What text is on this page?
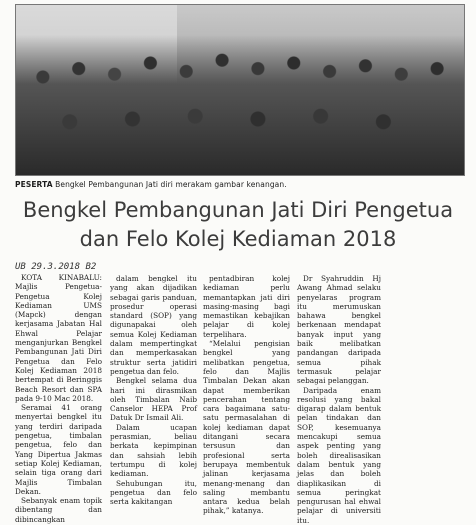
PESERTA Bengkel Pembangunan Jati diri merakam gambar kenangan.
Bengkel Pembangunan Jati Diri Pengetua
dan Felo Kolej Kediaman 2018
UB 29.3.2018 B2

KOTA KINABALU: Majlis Pengetua-Pengetua Kolej Kediaman UMS (Mapck) dengan kerjasama Jabatan Hal Ehwal Pelajar menganjurkan Bengkel Pembangunan Jati Diri Pengetua dan Felo Kolej Kediaman 2018 bertempat di Beringgis Beach Resort dan SPA pada 9-10 Mac 2018.

Seramai 41 orang menyertai bengkel itu yang terdiri daripada pengetua, timbalan pengetua, felo dan Yang Dipertua Jakmas setiap Kolej Kediaman, selain tiga orang dari Majlis Timbalan Dekan.

Sebanyak enam topik dibentang dan dibincangkan

dalam bengkel itu yang akan dijadikan sebagai garis panduan, prosedur operasi standard (SOP) yang digunapakai oleh semua Kolej Kediaman dalam mempertingkat dan memperkasakan struktur serta jatidiri pengetua dan felo.

Bengkel selama dua hari ini dirasmikan oleh Timbalan Naib Canselor HEPA Prof Datuk Dr Ismail Ali.

Dalam ucapan perasmian, beliau berkata kepimpinan dan sahsiah lebih tertumpu di kolej kediaman.

Sehubungan itu, pengetua dan felo serta kakitangan

pentadbiran kolej kediaman perlu memantapkan jati diri masing-masing bagi memastikan kebajikan pelajar di kolej terpelihara.

“Melalui pengisian bengkel yang melibatkan pengetua, felo dan Majlis Timbalan Dekan akan dapat memberikan pencerahan tentang cara bagaimana satu-satu permasalahan di kolej kediaman dapat ditangani secara tersusun dan profesional serta berupaya membentuk jalinan kerjasama menang-menang dan saling membantu antara kedua belah pihak,” katanya.

Dr Syahruddin Hj Awang Ahmad selaku penyelaras program itu merumuskan bahawa bengkel berkenaan mendapat banyak input yang baik melibatkan pandangan daripada semua pihak termasuk pelajar sebagai pelanggan.

Daripada enam resolusi yang bakal digarap dalam bentuk pelan tindakan dan SOP, kesemuanya mencakupi semua aspek penting yang boleh direalisasikan dalam bentuk yang jelas dan boleh diaplikasikan di semua peringkat pengurusan hal ehwal pelajar di universiti itu.
